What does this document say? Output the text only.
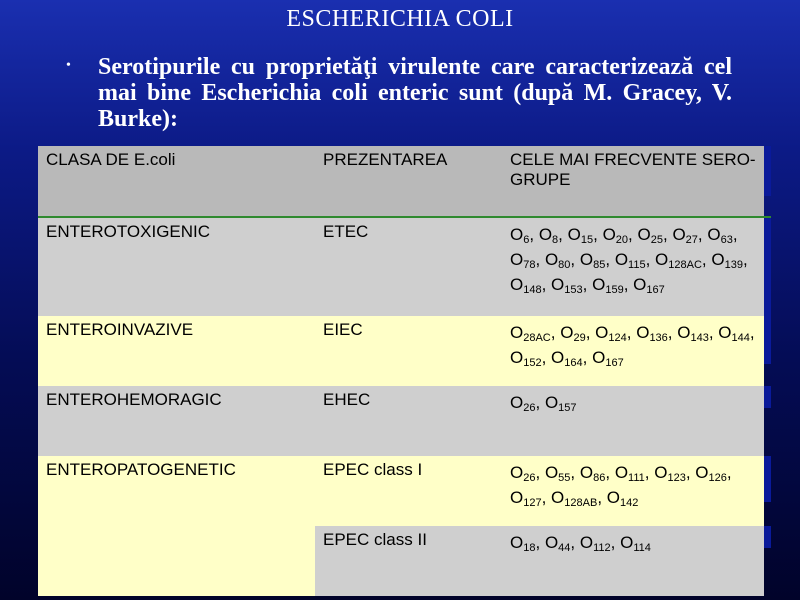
ESCHERICHIA COLI
• Serotipurile cu proprietăţi virulente care caracterizează cel mai bine Escherichia coli enteric sunt (după M. Gracey, V. Burke):
CLASA DE E.coli	PREZENTAREA	CELE MAI FRECVENTE SERO-GRUPE	

ENTEROTOXIGENIC	ETEC	$O_6$, $O_8$, $O_{15}$, $O_{20}$, $O_{25}$, $O_{27}$, $O_{63}$, $O_{78}$, $O_{80}$, $O_{85}$, $O_{115}$, $O_{128AC}$, $O_{139}$, $O_{148}$, $O_{153}$, $O_{159}$, $O_{167}$	

ENTEROINVAZIVE	EIEC	$O_{28AC}$, $O_{29}$, $O_{124}$, $O_{136}$, $O_{143}$, $O_{144}$, $O_{152}$, $O_{164}$, $O_{167}$	

ENTEROHEMORAGIC	EHEC	$O_{26}$, $O_{157}$	

ENTEROPATOGENETIC	EPEC class I	$O_{26}$, $O_{55}$, $O_{86}$, $O_{111}$, $O_{123}$, $O_{126}$, $O_{127}$, $O_{128AB}$, $O_{142}$	

	EPEC class II	$O_{18}$, $O_{44}$, $O_{112}$, $O_{114}$	
